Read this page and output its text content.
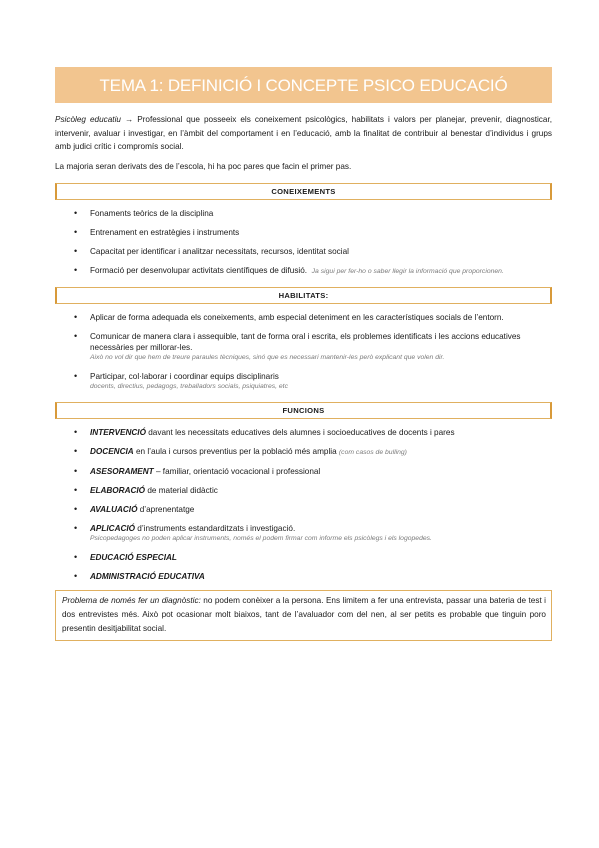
TEMA 1: DEFINICIÓ I CONCEPTE PSICO EDUCACIÓ

Psicòleg educatiu → Professional que posseeix els coneixement psicològics, habilitats i valors per planejar, prevenir, diagnosticar, intervenir, avaluar i investigar, en l’àmbit del comportament i en l’educació, amb la finalitat de contribuir al benestar d’individus i grups amb judici crític i compromís social.

La majoria seran derivats des de l’escola, hi ha poc pares que facin el primer pas.

CONEIXEMENTS
• Fonaments teòrics de la disciplina
• Entrenament en estratègies i instruments
• Capacitat per identificar i analitzar necessitats, recursos, identitat social
• Formació per desenvolupar activitats científiques de difusió. Ja sigui per fer-ho o saber llegir la informació que proporcionen.
HABILITATS:
• Aplicar de forma adequada els coneixements, amb especial deteniment en les característiques socials de l’entorn.
• Comunicar de manera clara i assequible, tant de forma oral i escrita, els problemes identificats i les accions educatives necessàries per millorar-les.
Això no vol dir que hem de treure paraules tècniques, sinó que es necessari mantenir-les però explicant que volen dir.
• Participar, col·laborar i coordinar equips disciplinaris
docents, directius, pedagogs, treballadors socials, psiquiatres, etc
FUNCIONS
• INTERVENCIÓ davant les necessitats educatives dels alumnes i socioeducatives de docents i pares
• DOCENCIA en l’aula i cursos preventius per la població més amplia (com casos de bulling)
• ASESORAMENT – familiar, orientació vocacional i professional
• ELABORACIÓ de material didàctic
• AVALUACIÓ d’aprenentatge
• APLICACIÓ d’instruments estandarditzats i investigació.
Psicopedagoges no poden aplicar instruments, només el podem firmar com informe els psicòlegs i els logopedes.
• EDUCACIÓ ESPECIAL
• ADMINISTRACIÓ EDUCATIVA
Problema de només fer un diagnòstic: no podem conèixer a la persona. Ens limitem a fer una entrevista, passar una bateria de test i dos entrevistes més. Això pot ocasionar molt biaixos, tant de l’avaluador com del nen, al ser petits es probable que tinguin poro presentin desitjabilitat social.
